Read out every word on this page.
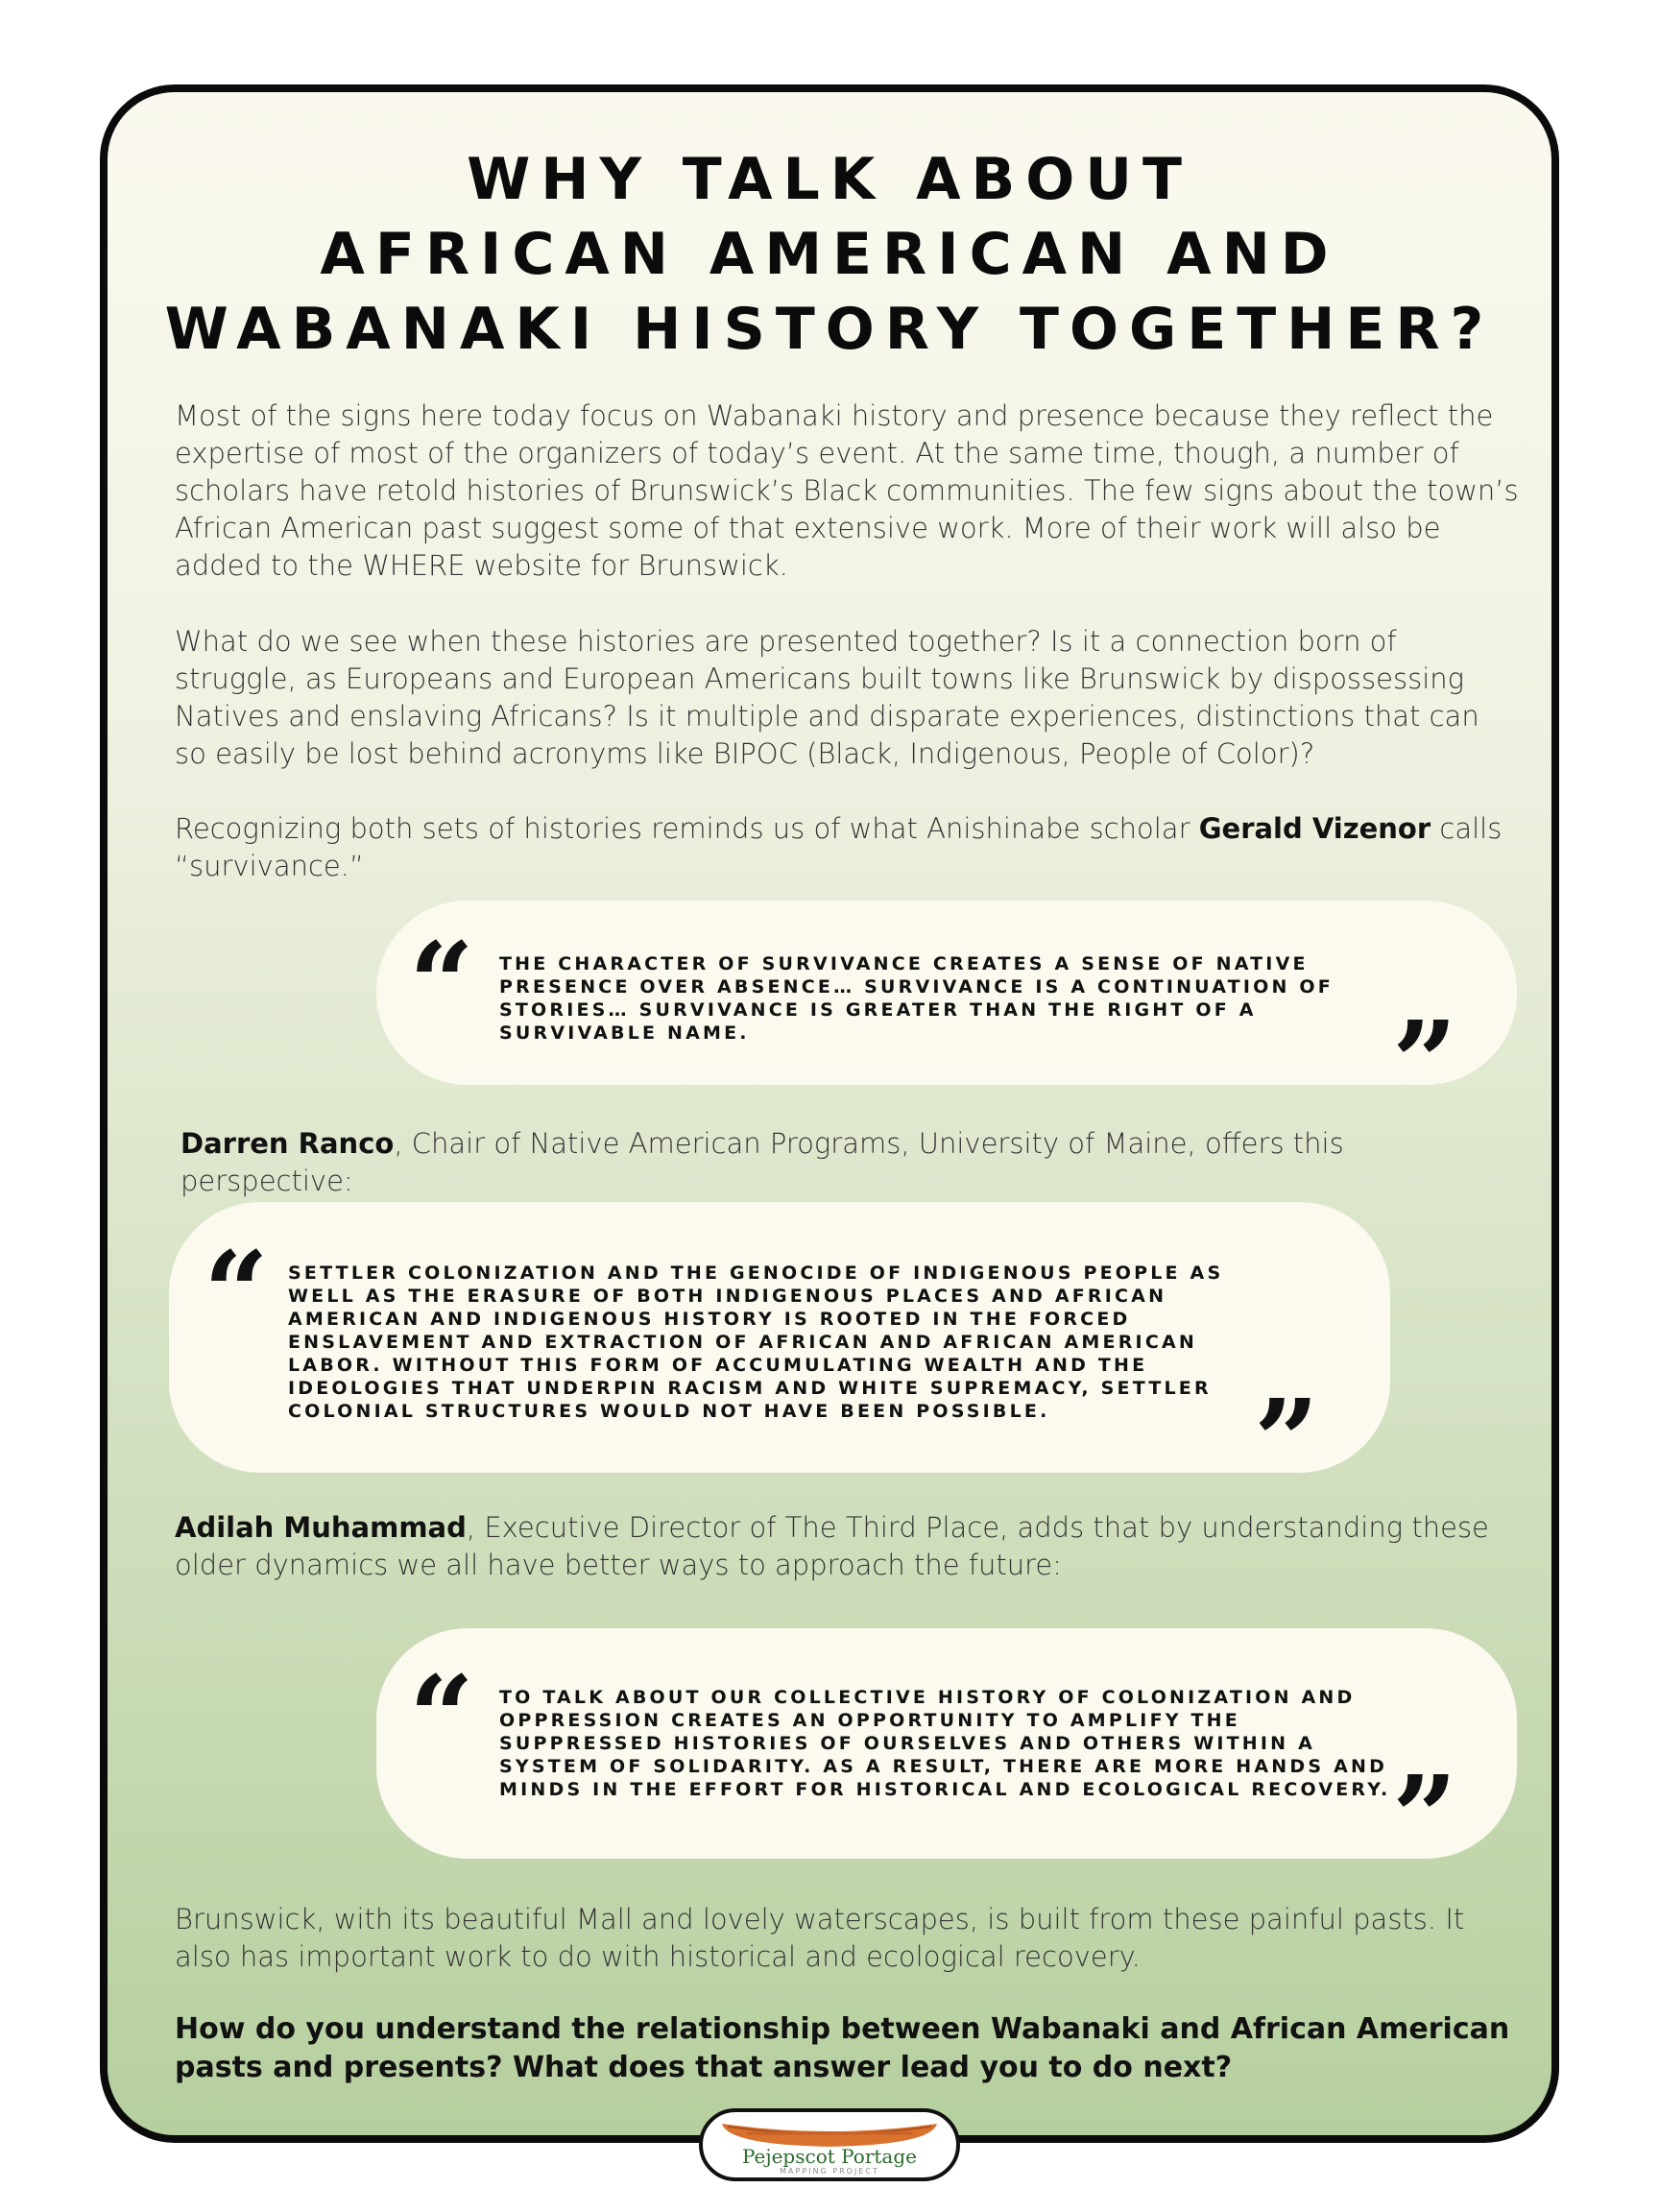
WHY TALK ABOUT
AFRICAN AMERICAN AND
WABANAKI HISTORY TOGETHER?

Most of the signs here today focus on Wabanaki history and presence because they reflect the expertise of most of the organizers of today’s event. At the same time, though, a number of scholars have retold histories of Brunswick’s Black communities. The few signs about the town’s African American past suggest some of that extensive work. More of their work will also be added to the WHERE website for Brunswick.

What do we see when these histories are presented together? Is it a connection born of struggle, as Europeans and European Americans built towns like Brunswick by dispossessing Natives and enslaving Africans? Is it multiple and disparate experiences, distinctions that can so easily be lost behind acronyms like BIPOC (Black, Indigenous, People of Color)?

Recognizing both sets of histories reminds us of what Anishinabe scholar Gerald Vizenor calls “survivance.”

“ THE CHARACTER OF SURVIVANCE CREATES A SENSE OF NATIVE PRESENCE OVER ABSENCE… SURVIVANCE IS A CONTINUATION OF STORIES… SURVIVANCE IS GREATER THAN THE RIGHT OF A SURVIVABLE NAME.	”

Darren Ranco, Chair of Native American Programs, University of Maine, offers this perspective:

“ SETTLER COLONIZATION AND THE GENOCIDE OF INDIGENOUS PEOPLE AS WELL AS THE ERASURE OF BOTH INDIGENOUS PLACES AND AFRICAN AMERICAN AND INDIGENOUS HISTORY IS ROOTED IN THE FORCED ENSLAVEMENT AND EXTRACTION OF AFRICAN AND AFRICAN AMERICAN LABOR. WITHOUT THIS FORM OF ACCUMULATING WEALTH AND THE IDEOLOGIES THAT UNDERPIN RACISM AND WHITE SUPREMACY, SETTLER COLONIAL STRUCTURES WOULD NOT HAVE BEEN POSSIBLE.	”

Adilah Muhammad, Executive Director of The Third Place, adds that by understanding these older dynamics we all have better ways to approach the future:

“ TO TALK ABOUT OUR COLLECTIVE HISTORY OF COLONIZATION AND OPPRESSION CREATES AN OPPORTUNITY TO AMPLIFY THE SUPPRESSED HISTORIES OF OURSELVES AND OTHERS WITHIN A SYSTEM OF SOLIDARITY. AS A RESULT, THERE ARE MORE HANDS AND MINDS IN THE EFFORT FOR HISTORICAL AND ECOLOGICAL RECOVERY. ”

Brunswick, with its beautiful Mall and lovely waterscapes, is built from these painful pasts. It also has important work to do with historical and ecological recovery.

How do you understand the relationship between Wabanaki and African American pasts and presents? What does that answer lead you to do next?

Pejepscot Portage
MAPPING PROJECT
